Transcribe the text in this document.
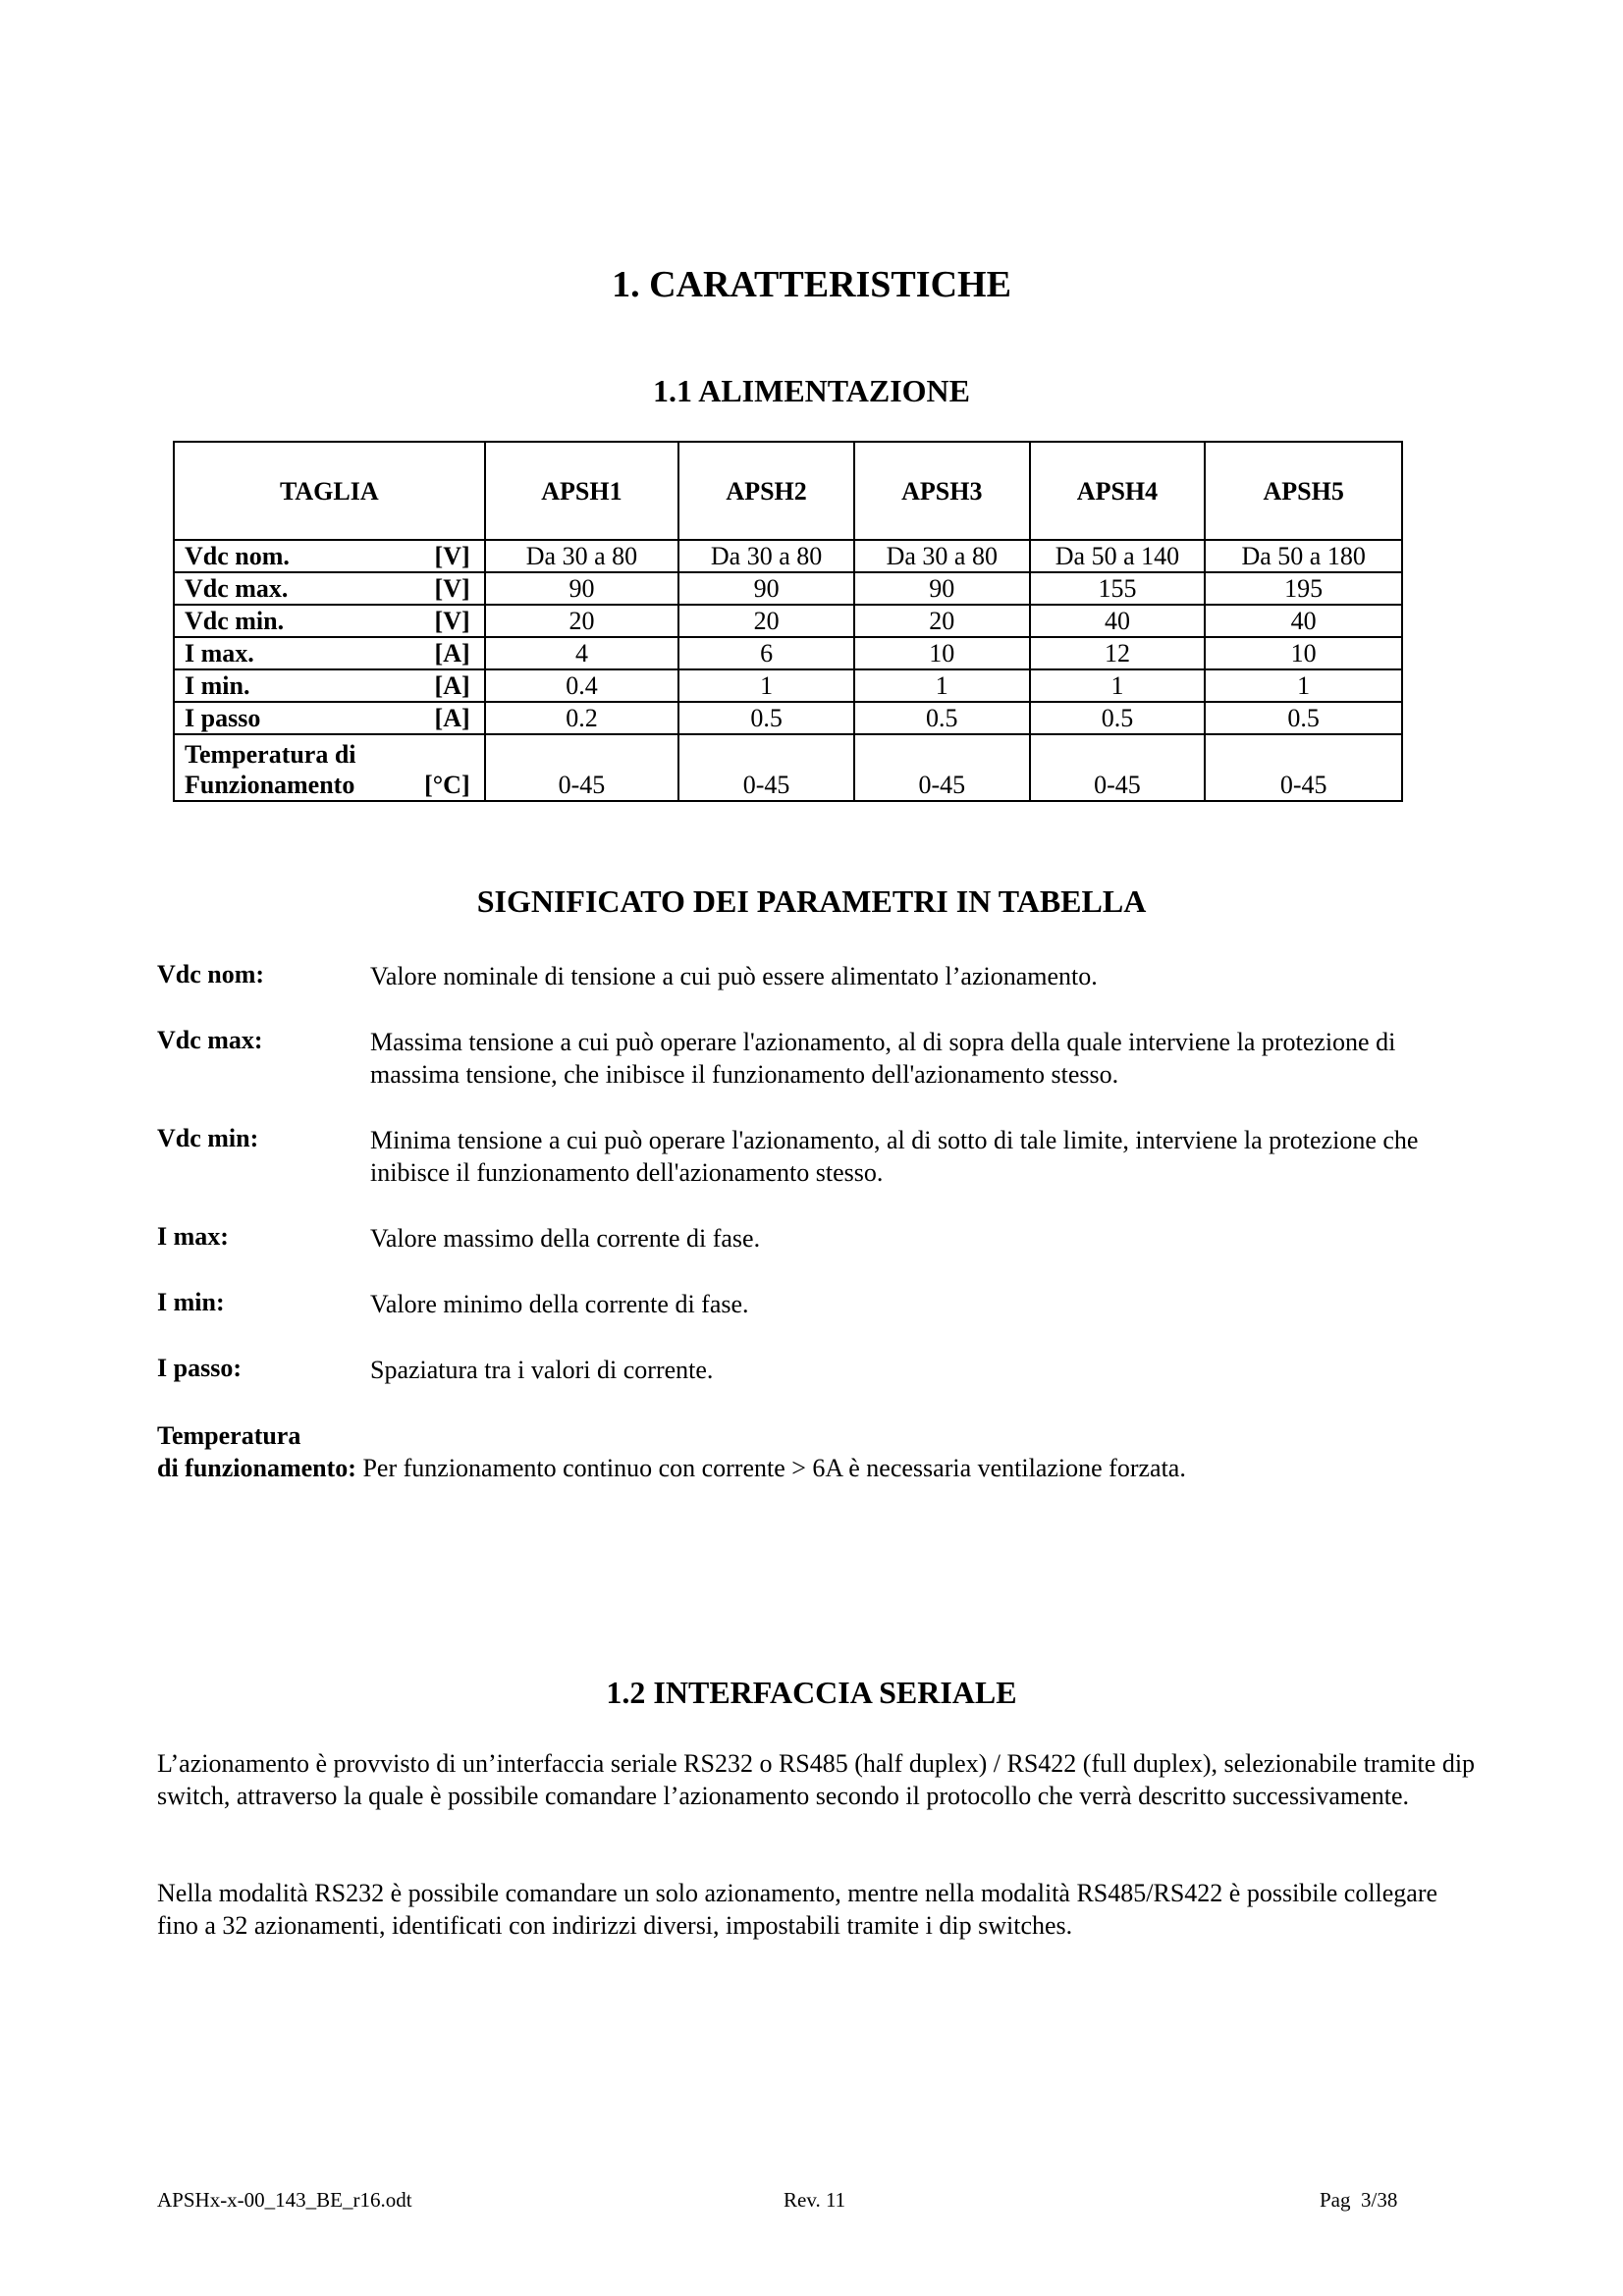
1. CARATTERISTICHE
1.1 ALIMENTAZIONE
TAGLIA	APSH1	APSH2	APSH3	APSH4	APSH5
Vdc nom. [V]	Da 30 a 80	Da 30 a 80	Da 30 a 80	Da 50 a 140	Da 50 a 180
Vdc max. [V]	90	90	90	155	195
Vdc min. [V]	20	20	20	40	40
I max. [A]	4	6	10	12	10
I min. [A]	0.4	1	1	1	1
I passo [A]	0.2	0.5	0.5	0.5	0.5
Temperatura di
Funzionamento [°C]	0-45	0-45	0-45	0-45	0-45
SIGNIFICATO DEI PARAMETRI IN TABELLA
Vdc nom:	Valore nominale di tensione a cui può essere alimentato l’azionamento.
Vdc max:	Massima tensione a cui può operare l'azionamento, al di sopra della quale interviene la protezione di massima tensione, che inibisce il funzionamento dell'azionamento stesso.
Vdc min:	Minima tensione a cui può operare l'azionamento, al di sotto di tale limite, interviene la protezione che inibisce il funzionamento dell'azionamento stesso.
I max:	Valore massimo della corrente di fase.
I min:	Valore minimo della corrente di fase.
I passo:	Spaziatura tra i valori di corrente.
Temperatura
di funzionamento: Per funzionamento continuo con corrente > 6A è necessaria ventilazione forzata.
1.2 INTERFACCIA SERIALE

L’azionamento è provvisto di un’interfaccia seriale RS232 o RS485 (half duplex) / RS422 (full duplex), selezionabile tramite dip switch, attraverso la quale è possibile comandare l’azionamento secondo il protocollo che verrà descritto successivamente.

Nella modalità RS232 è possibile comandare un solo azionamento, mentre nella modalità RS485/RS422 è possibile collegare fino a 32 azionamenti, identificati con indirizzi diversi, impostabili tramite i dip switches.

APSHx-x-00_143_BE_r16.odt	Rev. 11	Pag  3/38
